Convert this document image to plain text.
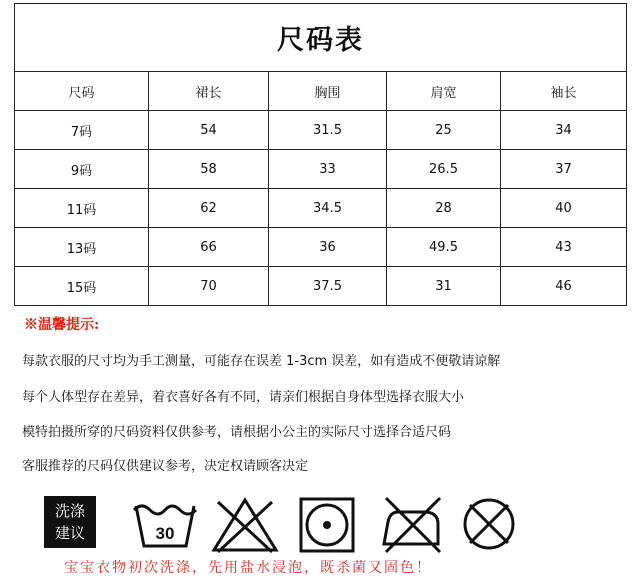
尺码表				
尺码	裙长	胸围	肩宽	袖长
7码	54	31.5	25	34
9码	58	33	26.5	37
11码	62	34.5	28	40
13码	66	36	49.5	43
15码	70	37.5	31	46
※温馨提示:
每款衣服的尺寸均为手工测量，可能存在误差 1-3cm 误差，如有造成不便敬请谅解
每个人体型存在差异，着衣喜好各有不同，请亲们根据自身体型选择衣服大小
模特拍摄所穿的尺码资料仅供参考，请根据小公主的实际尺寸选择合适尺码
客服推荐的尺码仅供建议参考，决定权请顾客决定
洗涤
建议	30
宝宝衣物初次洗涤，先用盐水浸泡，既杀菌又固色！
